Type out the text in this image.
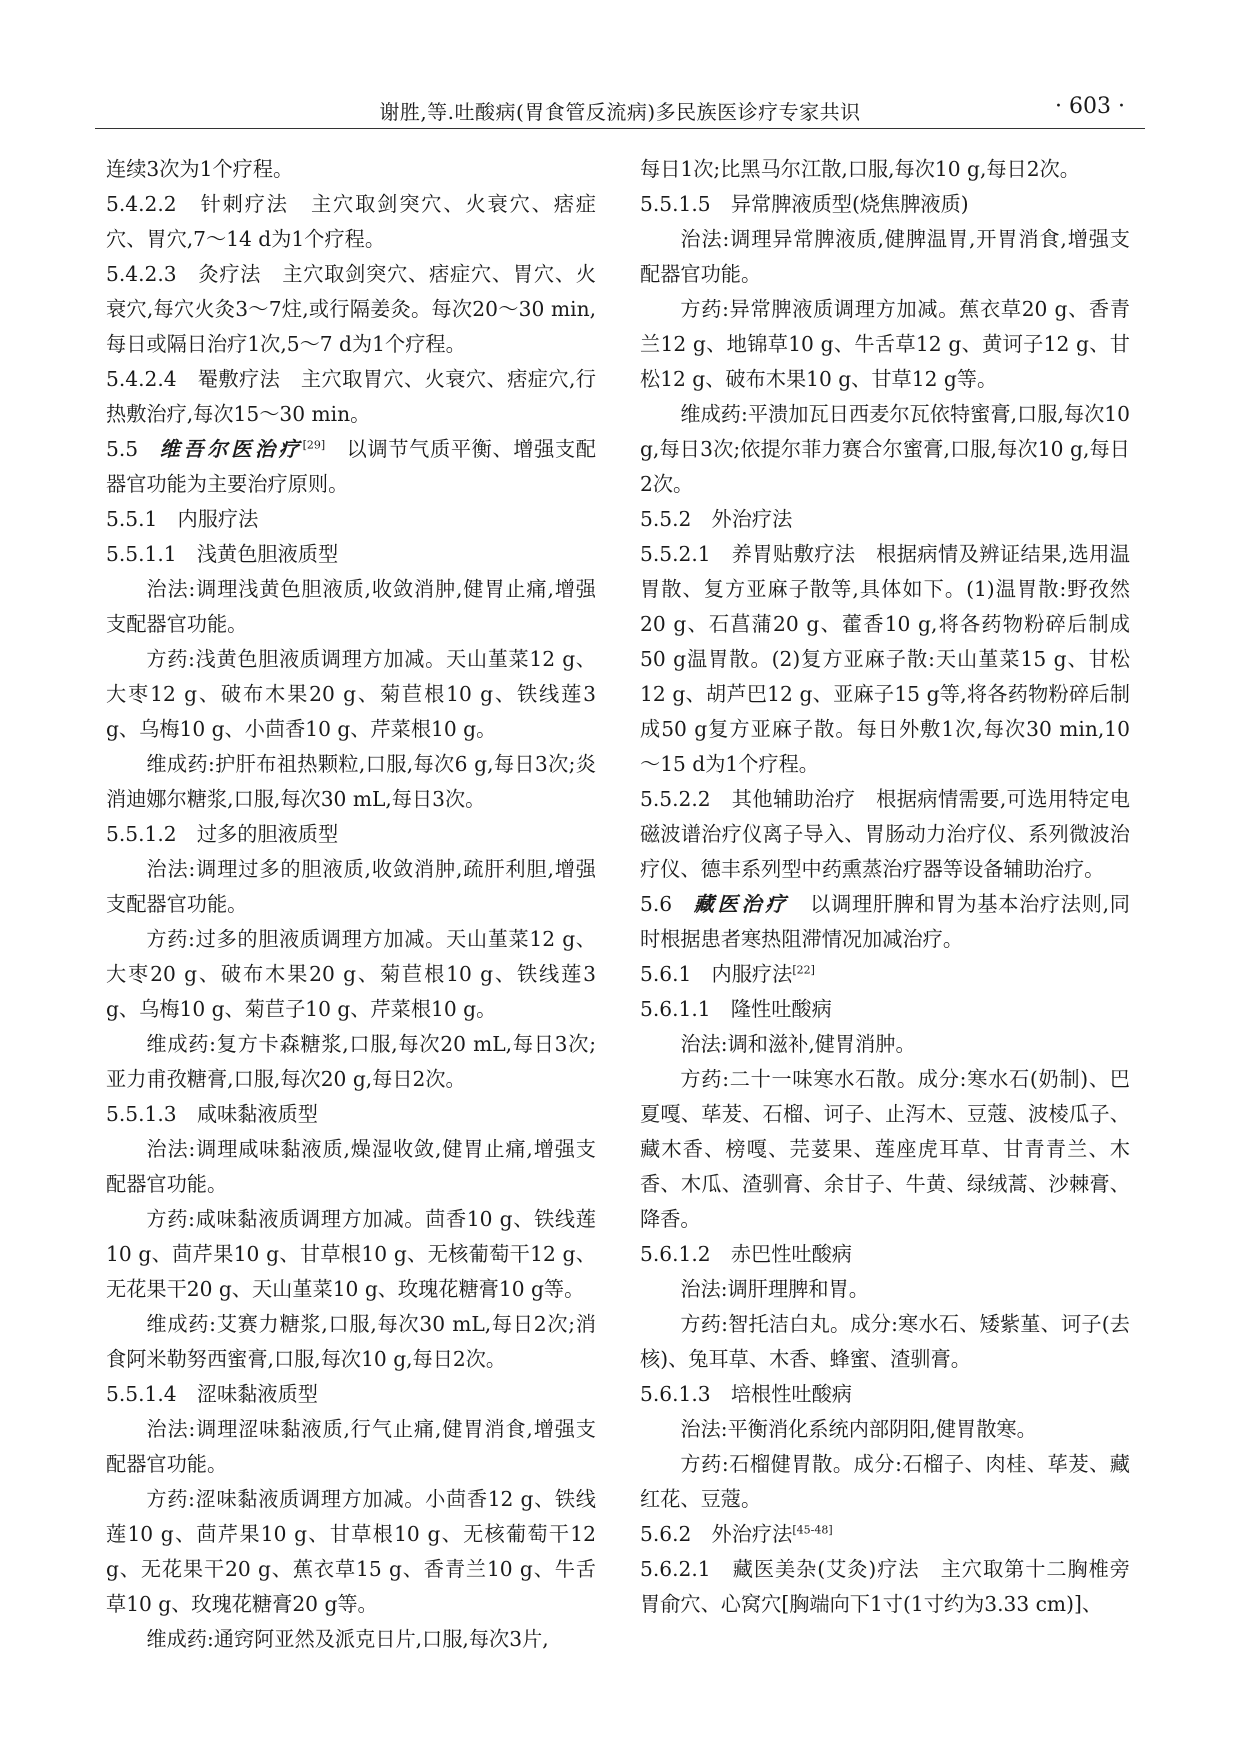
谢胜,等.吐酸病(胃食管反流病)多民族医诊疗专家共识	· 603 ·

连续3次为1个疗程。

5.4.2.2　针刺疗法　主穴取剑突穴、火衰穴、痞症穴、胃穴,7～14 d为1个疗程。

5.4.2.3　灸疗法　主穴取剑突穴、痞症穴、胃穴、火衰穴,每穴火灸3～7炷,或行隔姜灸。每次20～30 min,每日或隔日治疗1次,5～7 d为1个疗程。

5.4.2.4　罨敷疗法　主穴取胃穴、火衰穴、痞症穴,行热敷治疗,每次15～30 min。

5.5　维吾尔医治疗[29]　以调节气质平衡、增强支配器官功能为主要治疗原则。

5.5.1　内服疗法

5.5.1.1　浅黄色胆液质型

治法:调理浅黄色胆液质,收敛消肿,健胃止痛,增强支配器官功能。

方药:浅黄色胆液质调理方加减。天山堇菜12 g、大枣12 g、破布木果20 g、菊苣根10 g、铁线莲3 g、乌梅10 g、小茴香10 g、芹菜根10 g。

维成药:护肝布祖热颗粒,口服,每次6 g,每日3次;炎消迪娜尔糖浆,口服,每次30 mL,每日3次。

5.5.1.2　过多的胆液质型

治法:调理过多的胆液质,收敛消肿,疏肝利胆,增强支配器官功能。

方药:过多的胆液质调理方加减。天山堇菜12 g、大枣20 g、破布木果20 g、菊苣根10 g、铁线莲3 g、乌梅10 g、菊苣子10 g、芹菜根10 g。

维成药:复方卡森糖浆,口服,每次20 mL,每日3次;亚力甫孜糖膏,口服,每次20 g,每日2次。

5.5.1.3　咸味黏液质型

治法:调理咸味黏液质,燥湿收敛,健胃止痛,增强支配器官功能。

方药:咸味黏液质调理方加减。茴香10 g、铁线莲10 g、茴芹果10 g、甘草根10 g、无核葡萄干12 g、无花果干20 g、天山堇菜10 g、玫瑰花糖膏10 g等。

维成药:艾赛力糖浆,口服,每次30 mL,每日2次;消食阿米勒努西蜜膏,口服,每次10 g,每日2次。

5.5.1.4　涩味黏液质型

治法:调理涩味黏液质,行气止痛,健胃消食,增强支配器官功能。

方药:涩味黏液质调理方加减。小茴香12 g、铁线莲10 g、茴芹果10 g、甘草根10 g、无核葡萄干12 g、无花果干20 g、蕉衣草15 g、香青兰10 g、牛舌草10 g、玫瑰花糖膏20 g等。

维成药:通窍阿亚然及派克日片,口服,每次3片,

每日1次;比黑马尔江散,口服,每次10 g,每日2次。

5.5.1.5　异常脾液质型(烧焦脾液质)

治法:调理异常脾液质,健脾温胃,开胃消食,增强支配器官功能。

方药:异常脾液质调理方加减。蕉衣草20 g、香青兰12 g、地锦草10 g、牛舌草12 g、黄诃子12 g、甘松12 g、破布木果10 g、甘草12 g等。

维成药:平溃加瓦日西麦尔瓦依特蜜膏,口服,每次10 g,每日3次;依提尔菲力赛合尔蜜膏,口服,每次10 g,每日2次。

5.5.2　外治疗法

5.5.2.1　养胃贴敷疗法　根据病情及辨证结果,选用温胃散、复方亚麻子散等,具体如下。(1)温胃散:野孜然20 g、石菖蒲20 g、藿香10 g,将各药物粉碎后制成50 g温胃散。(2)复方亚麻子散:天山堇菜15 g、甘松12 g、胡芦巴12 g、亚麻子15 g等,将各药物粉碎后制成50 g复方亚麻子散。每日外敷1次,每次30 min,10～15 d为1个疗程。

5.5.2.2　其他辅助治疗　根据病情需要,可选用特定电磁波谱治疗仪离子导入、胃肠动力治疗仪、系列微波治疗仪、德丰系列型中药熏蒸治疗器等设备辅助治疗。

5.6　藏医治疗　以调理肝脾和胃为基本治疗法则,同时根据患者寒热阻滞情况加减治疗。

5.6.1　内服疗法[22]

5.6.1.1　隆性吐酸病

治法:调和滋补,健胃消肿。

方药:二十一味寒水石散。成分:寒水石(奶制)、巴夏嘎、荜茇、石榴、诃子、止泻木、豆蔻、波棱瓜子、藏木香、榜嘎、芫荽果、莲座虎耳草、甘青青兰、木香、木瓜、渣驯膏、余甘子、牛黄、绿绒蒿、沙棘膏、降香。

5.6.1.2　赤巴性吐酸病

治法:调肝理脾和胃。

方药:智托洁白丸。成分:寒水石、矮紫堇、诃子(去核)、兔耳草、木香、蜂蜜、渣驯膏。

5.6.1.3　培根性吐酸病

治法:平衡消化系统内部阴阳,健胃散寒。

方药:石榴健胃散。成分:石榴子、肉桂、荜茇、藏红花、豆蔻。

5.6.2　外治疗法[45-48]

5.6.2.1　藏医美杂(艾灸)疗法　主穴取第十二胸椎旁胃俞穴、心窝穴[胸端向下1寸(1寸约为3.33 cm)]、
